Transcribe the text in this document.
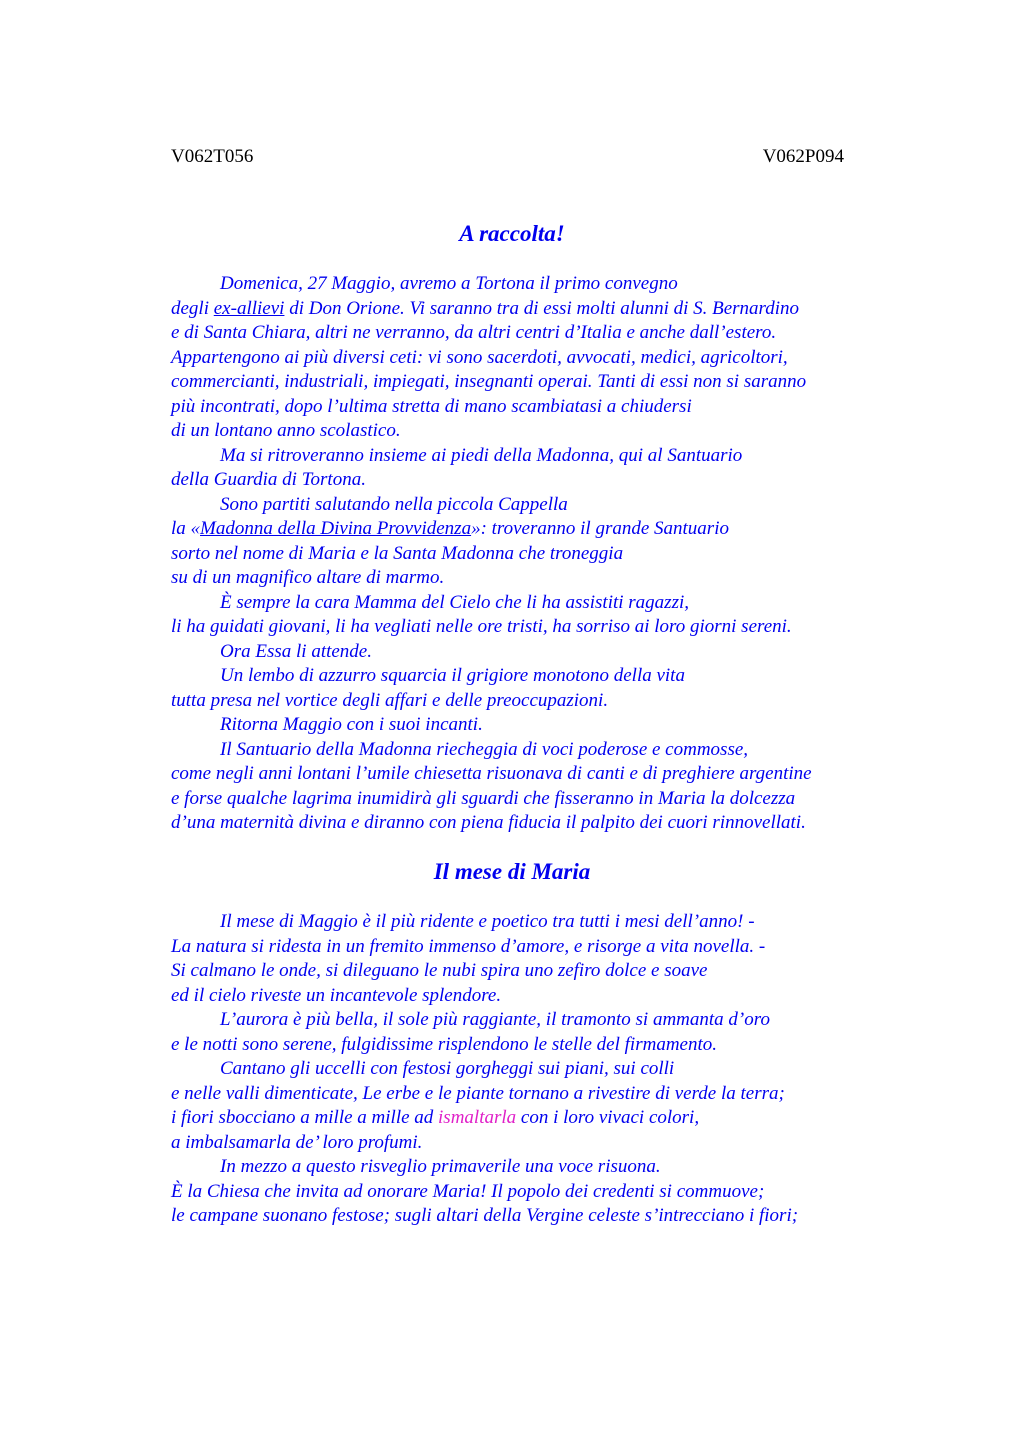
V062T056	V062P094
A raccolta!
Domenica, 27 Maggio, avremo a Tortona il primo convegno
degli ex-allievi di Don Orione. Vi saranno tra di essi molti alunni di S. Bernardino
e di Santa Chiara, altri ne verranno, da altri centri d’Italia e anche dall’estero.
Appartengono ai più diversi ceti: vi sono sacerdoti, avvocati, medici, agricoltori,
commercianti, industriali, impiegati, insegnanti operai. Tanti di essi non si saranno
più incontrati, dopo l’ultima stretta di mano scambiatasi a chiudersi
di un lontano anno scolastico.
Ma si ritroveranno insieme ai piedi della Madonna, qui al Santuario
della Guardia di Tortona.
Sono partiti salutando nella piccola Cappella
la «Madonna della Divina Provvidenza»: troveranno il grande Santuario
sorto nel nome di Maria e la Santa Madonna che troneggia
su di un magnifico altare di marmo.
È sempre la cara Mamma del Cielo che li ha assistiti ragazzi,
li ha guidati giovani, li ha vegliati nelle ore tristi, ha sorriso ai loro giorni sereni.
Ora Essa li attende.
Un lembo di azzurro squarcia il grigiore monotono della vita
tutta presa nel vortice degli affari e delle preoccupazioni.
Ritorna Maggio con i suoi incanti.
Il Santuario della Madonna riecheggia di voci poderose e commosse,
come negli anni lontani l’umile chiesetta risuonava di canti e di preghiere argentine
e forse qualche lagrima inumidirà gli sguardi che fisseranno in Maria la dolcezza
d’una maternità divina e diranno con piena fiducia il palpito dei cuori rinnovellati.
Il mese di Maria
Il mese di Maggio è il più ridente e poetico tra tutti i mesi dell’anno! -
La natura si ridesta in un fremito immenso d’amore, e risorge a vita novella. -
Si calmano le onde, si dileguano le nubi spira uno zefiro dolce e soave
ed il cielo riveste un incantevole splendore.
L’aurora è più bella, il sole più raggiante, il tramonto si ammanta d’oro
e le notti sono serene, fulgidissime risplendono le stelle del firmamento.
Cantano gli uccelli con festosi gorgheggi sui piani, sui colli
e nelle valli dimenticate, Le erbe e le piante tornano a rivestire di verde la terra;
i fiori sbocciano a mille a mille ad ismaltarla con i loro vivaci colori,
a imbalsamarla de’ loro profumi.
In mezzo a questo risveglio primaverile una voce risuona.
È la Chiesa che invita ad onorare Maria! Il popolo dei credenti si commuove;
le campane suonano festose; sugli altari della Vergine celeste s’intrecciano i fiori;
